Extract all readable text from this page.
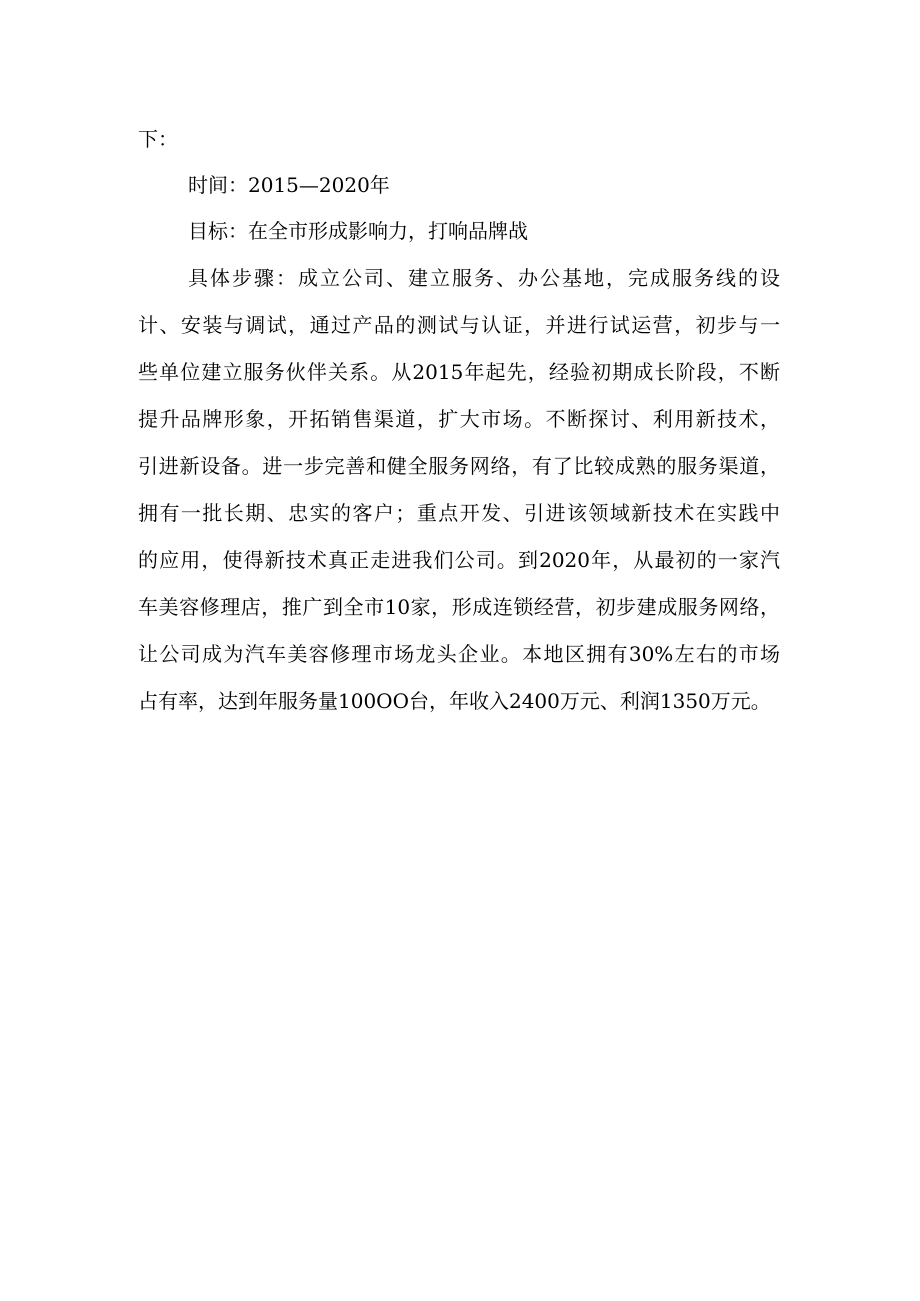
下：
时间：2015—2020年
目标：在全市形成影响力，打响品牌战
具体步骤：成立公司、建立服务、办公基地，完成服务线的设
计、安装与调试，通过产品的测试与认证，并进行试运营，初步与一
些单位建立服务伙伴关系。从2015年起先，经验初期成长阶段，不断
提升品牌形象，开拓销售渠道，扩大市场。不断探讨、利用新技术，
引进新设备。进一步完善和健全服务网络，有了比较成熟的服务渠道，
拥有一批长期、忠实的客户；重点开发、引进该领域新技术在实践中
的应用，使得新技术真正走进我们公司。到2020年，从最初的一家汽
车美容修理店，推广到全市10家，形成连锁经营，初步建成服务网络，
让公司成为汽车美容修理市场龙头企业。本地区拥有30%左右的市场
占有率，达到年服务量100OO台，年收入2400万元、利润1350万元。
